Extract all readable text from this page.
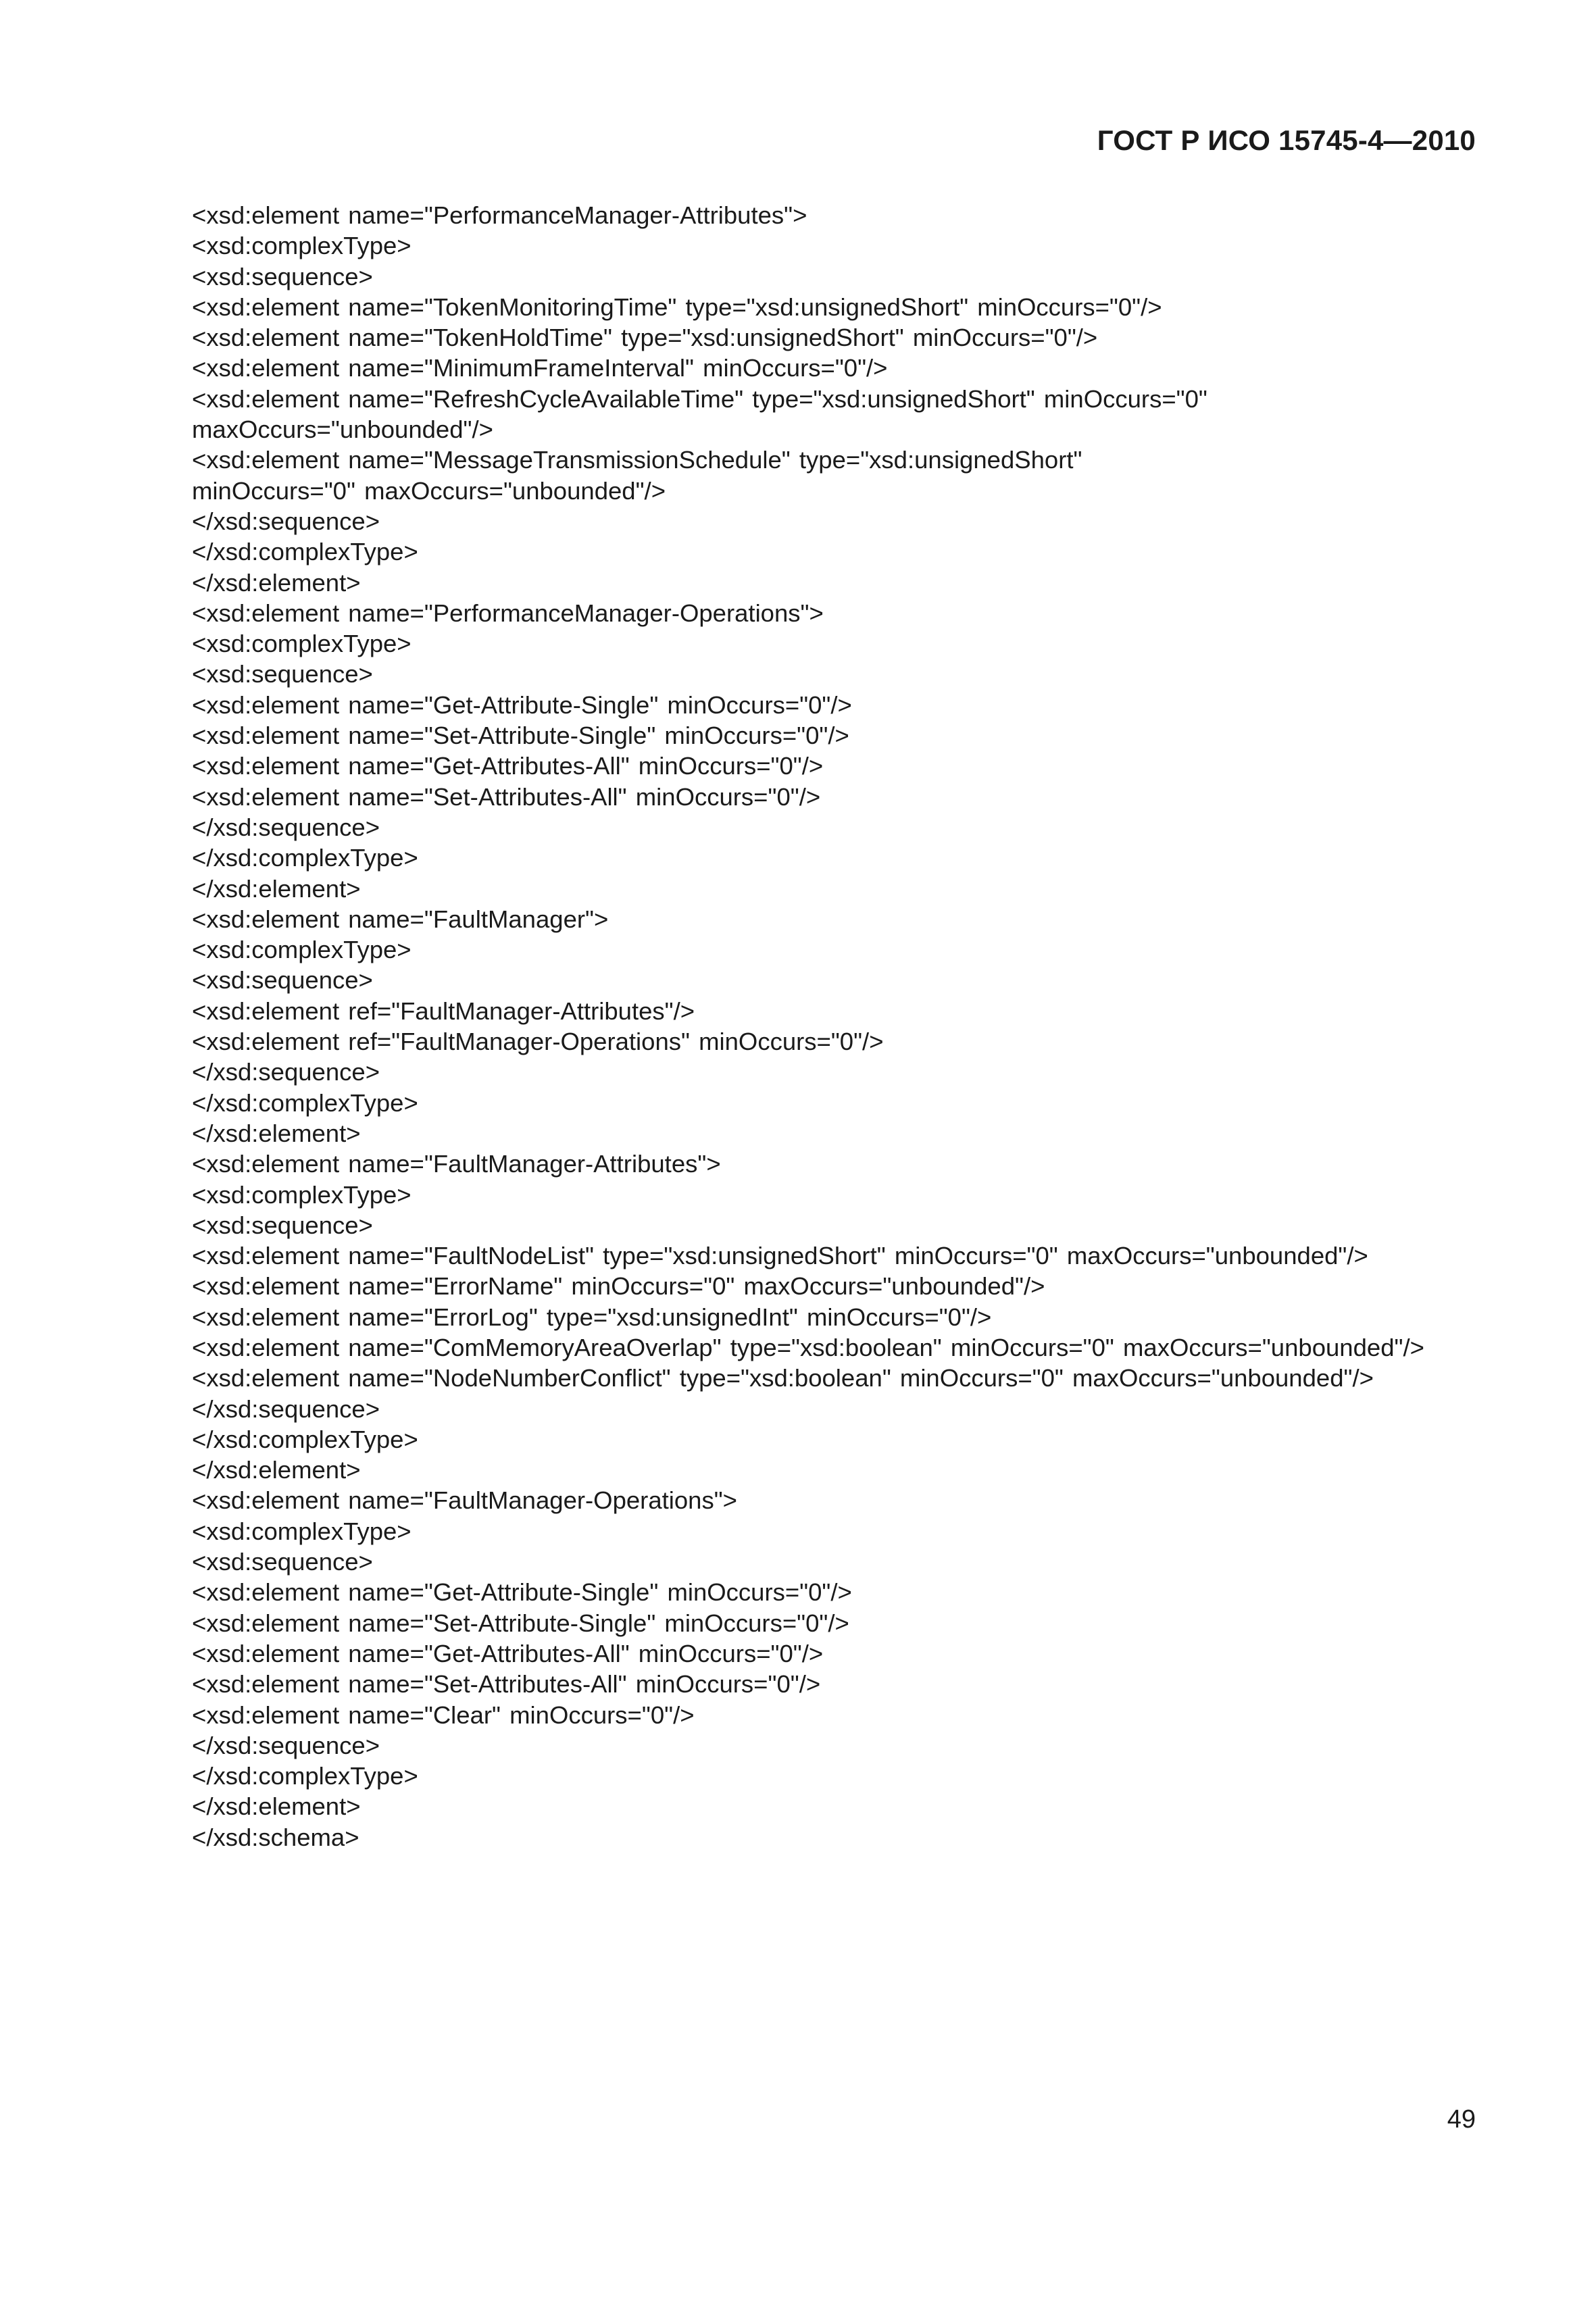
ГОСТ Р ИСО 15745-4—2010
<xsd:element name="PerformanceManager-Attributes">
<xsd:complexType>
<xsd:sequence>
<xsd:element name="TokenMonitoringTime" type="xsd:unsignedShort" minOccurs="0"/>
<xsd:element name="TokenHoldTime" type="xsd:unsignedShort" minOccurs="0"/>
<xsd:element name="MinimumFrameInterval" minOccurs="0"/>
<xsd:element name="RefreshCycleAvailableTime" type="xsd:unsignedShort" minOccurs="0"
maxOccurs="unbounded"/>
<xsd:element name="MessageTransmissionSchedule" type="xsd:unsignedShort"
minOccurs="0" maxOccurs="unbounded"/>
</xsd:sequence>
</xsd:complexType>
</xsd:element>
<xsd:element name="PerformanceManager-Operations">
<xsd:complexType>
<xsd:sequence>
<xsd:element name="Get-Attribute-Single" minOccurs="0"/>
<xsd:element name="Set-Attribute-Single" minOccurs="0"/>
<xsd:element name="Get-Attributes-All" minOccurs="0"/>
<xsd:element name="Set-Attributes-All" minOccurs="0"/>
</xsd:sequence>
</xsd:complexType>
</xsd:element>
<xsd:element name="FaultManager">
<xsd:complexType>
<xsd:sequence>
<xsd:element ref="FaultManager-Attributes"/>
<xsd:element ref="FaultManager-Operations" minOccurs="0"/>
</xsd:sequence>
</xsd:complexType>
</xsd:element>
<xsd:element name="FaultManager-Attributes">
<xsd:complexType>
<xsd:sequence>
<xsd:element name="FaultNodeList" type="xsd:unsignedShort" minOccurs="0" maxOccurs="unbounded"/>
<xsd:element name="ErrorName" minOccurs="0" maxOccurs="unbounded"/>
<xsd:element name="ErrorLog" type="xsd:unsignedInt" minOccurs="0"/>
<xsd:element name="ComMemoryAreaOverlap" type="xsd:boolean" minOccurs="0" maxOccurs="unbounded"/>
<xsd:element name="NodeNumberConflict" type="xsd:boolean" minOccurs="0" maxOccurs="unbounded"/>
</xsd:sequence>
</xsd:complexType>
</xsd:element>
<xsd:element name="FaultManager-Operations">
<xsd:complexType>
<xsd:sequence>
<xsd:element name="Get-Attribute-Single" minOccurs="0"/>
<xsd:element name="Set-Attribute-Single" minOccurs="0"/>
<xsd:element name="Get-Attributes-All" minOccurs="0"/>
<xsd:element name="Set-Attributes-All" minOccurs="0"/>
<xsd:element name="Clear" minOccurs="0"/>
</xsd:sequence>
</xsd:complexType>
</xsd:element>
</xsd:schema>
49
